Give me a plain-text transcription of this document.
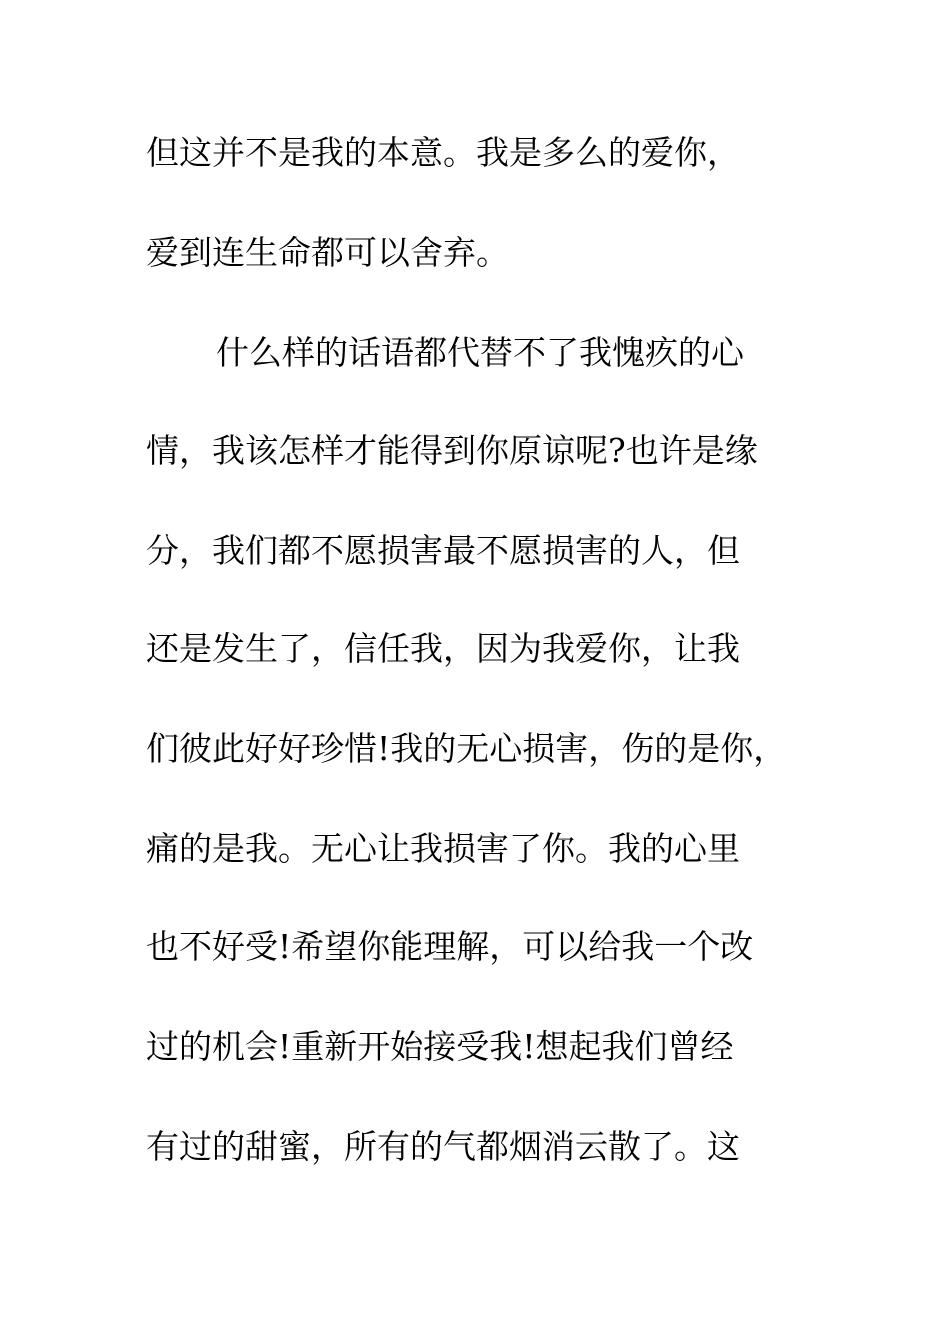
但这并不是我的本意。我是多么的爱你，
爱到连生命都可以舍弃。
什么样的话语都代替不了我愧疚的心
情，我该怎样才能得到你原谅呢?也许是缘
分，我们都不愿损害最不愿损害的人，但
还是发生了，信任我，因为我爱你，让我
们彼此好好珍惜!我的无心损害，伤的是你，
痛的是我。无心让我损害了你。我的心里
也不好受!希望你能理解，可以给我一个改
过的机会!重新开始接受我!想起我们曾经
有过的甜蜜，所有的气都烟消云散了。这
